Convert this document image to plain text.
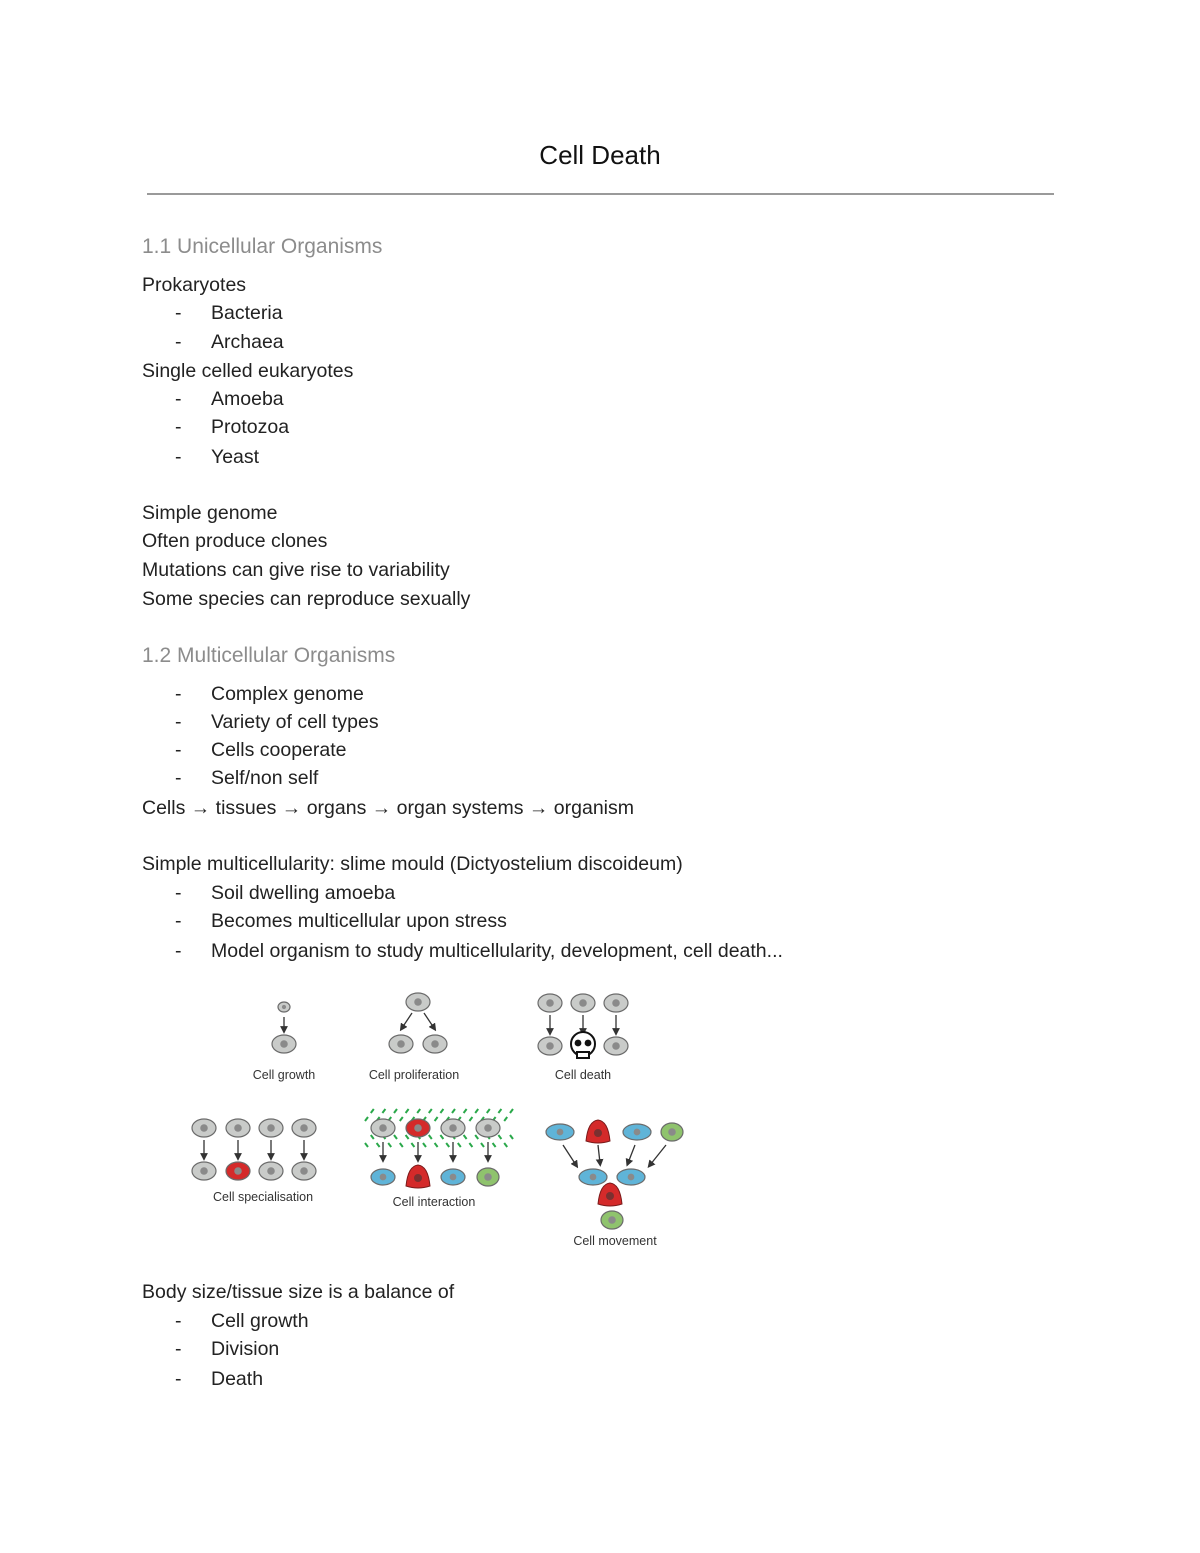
Cell Death
1.1 Unicellular Organisms
Prokaryotes
- Bacteria
- Archaea
Single celled eukaryotes
- Amoeba
- Protozoa
- Yeast
Simple genome
Often produce clones
Mutations can give rise to variability
Some species can reproduce sexually
1.2 Multicellular Organisms
- Complex genome
- Variety of cell types
- Cells cooperate
- Self/non self
Cells → tissues → organs → organ systems → organism
Simple multicellularity: slime mould (Dictyostelium discoideum)
- Soil dwelling amoeba
- Becomes multicellular upon stress
- Model organism to study multicellularity, development, cell death...
Cell growth	Cell proliferation	Cell death
Cell specialisation	Cell interaction
Cell movement
Body size/tissue size is a balance of
- Cell growth
- Division
- Death
